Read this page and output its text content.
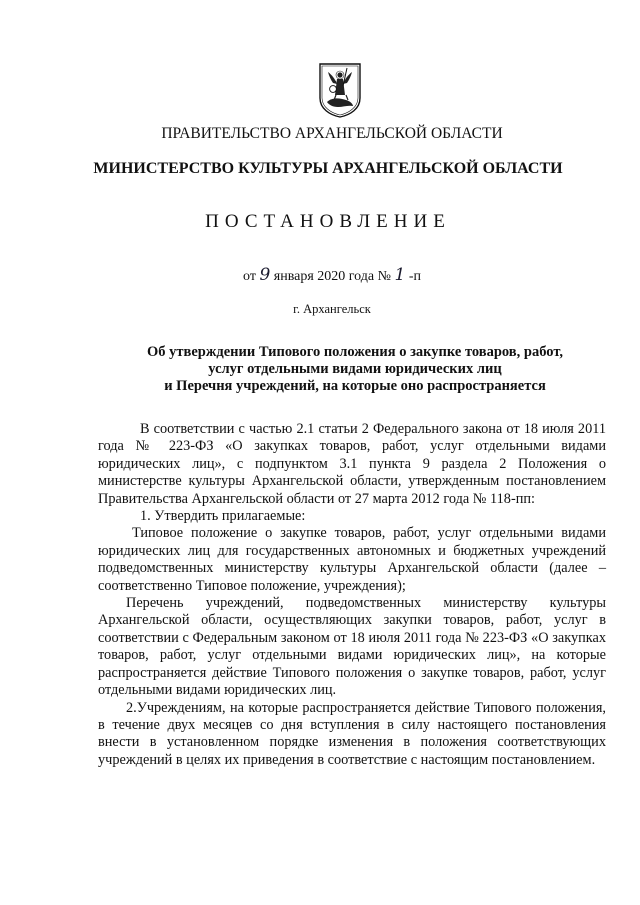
ПРАВИТЕЛЬСТВО АРХАНГЕЛЬСКОЙ ОБЛАСТИ
МИНИСТЕРСТВО КУЛЬТУРЫ АРХАНГЕЛЬСКОЙ ОБЛАСТИ
ПОСТАНОВЛЕНИЕ
от 9 января 2020 года № 1 -п
г. Архангельск
Об утверждении Типового положения о закупке товаров, работ,
услуг отдельными видами юридических лиц
и Перечня учреждений, на которые оно распространяется

В соответствии с частью 2.1 статьи 2 Федерального закона от 18 июля 2011 года № 223-ФЗ «О закупках товаров, работ, услуг отдельными видами юридических лиц», с подпунктом 3.1 пункта 9 раздела 2 Положения о министерстве культуры Архангельской области, утвержденным постановлением Правительства Архангельской области от 27 марта 2012 года № 118-пп:

1. Утвердить прилагаемые:

Типовое положение о закупке товаров, работ, услуг отдельными видами юридических лиц для государственных автономных и бюджетных учреждений подведомственных министерству культуры Архангельской области (далее – соответственно Типовое положение, учреждения);

Перечень учреждений, подведомственных министерству культуры Архангельской области, осуществляющих закупки товаров, работ, услуг в соответствии с Федеральным законом от 18 июля 2011 года № 223-ФЗ «О закупках товаров, работ, услуг отдельными видами юридических лиц», на которые распространяется действие Типового положения о закупке товаров, работ, услуг отдельными видами юридических лиц.

2.Учреждениям, на которые распространяется действие Типового положения, в течение двух месяцев со дня вступления в силу настоящего постановления внести в установленном порядке изменения в положения соответствующих учреждений в целях их приведения в соответствие с настоящим постановлением.
